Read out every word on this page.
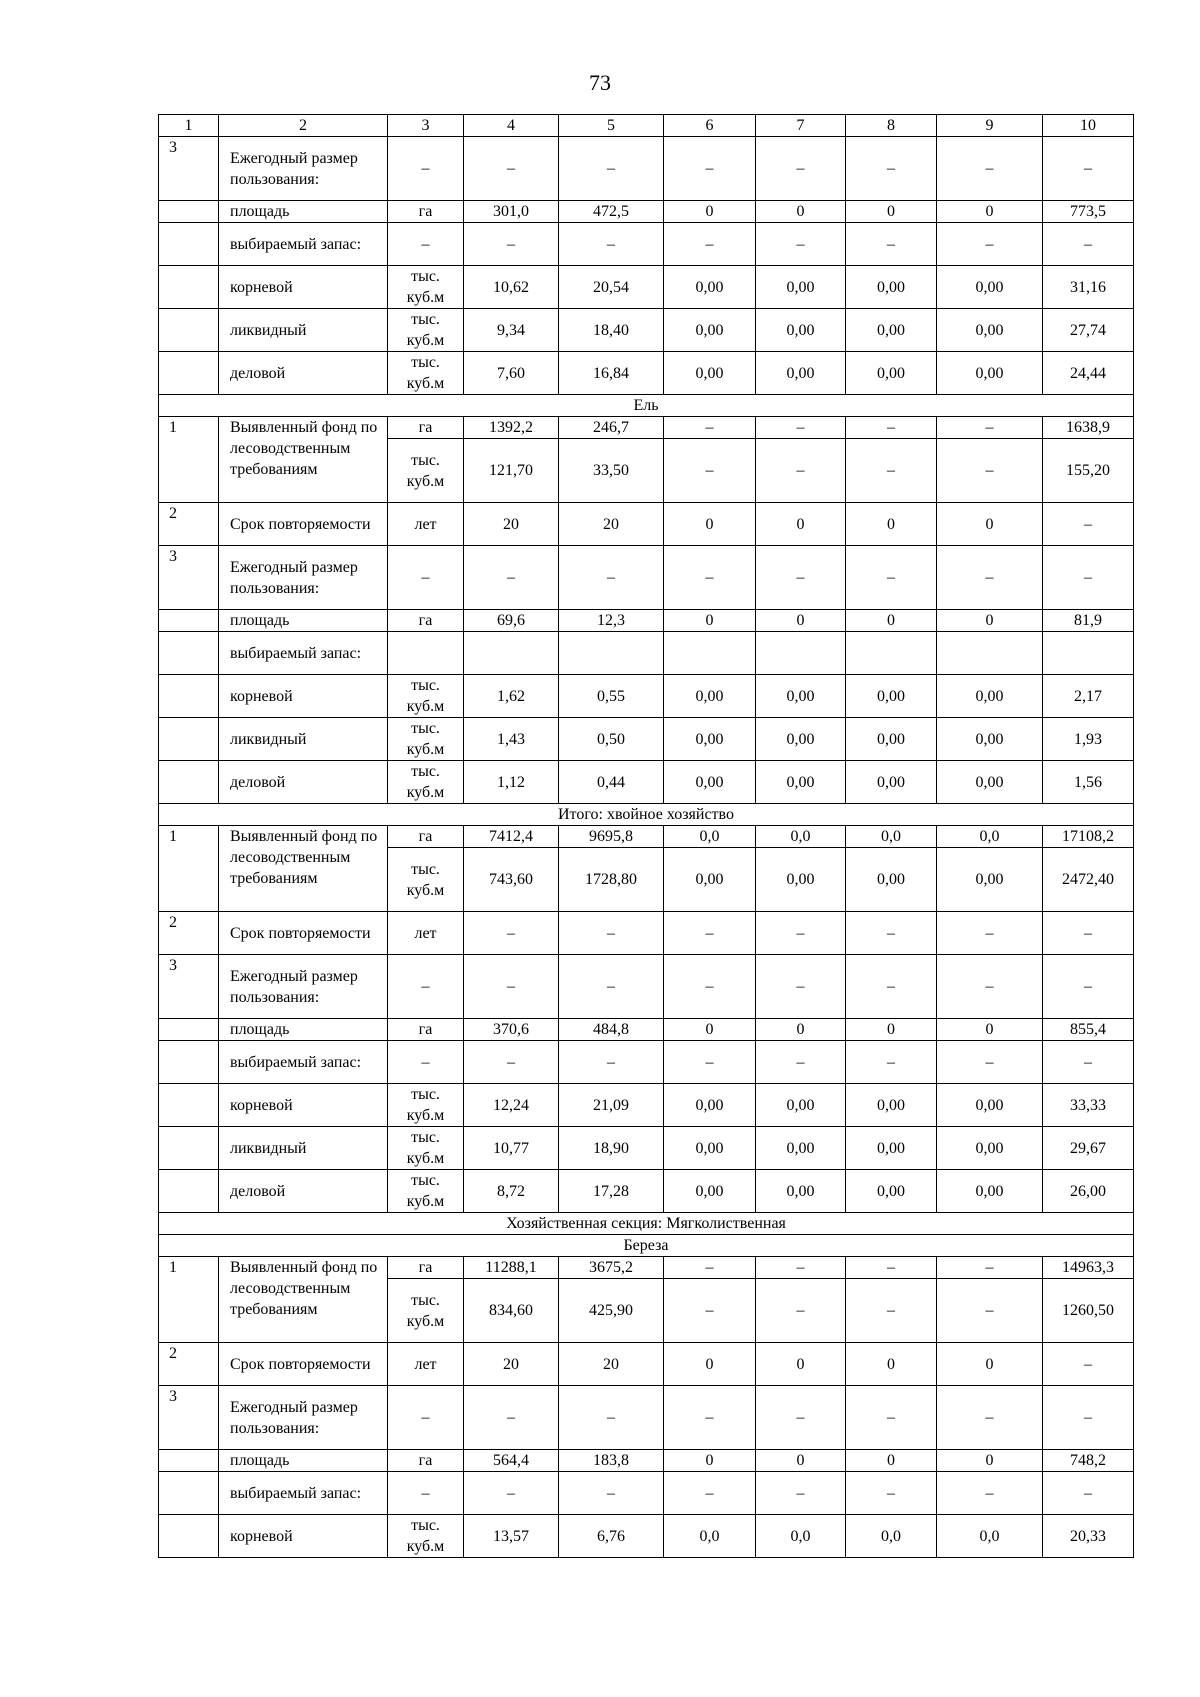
73
1	2	3	4	5	6	7	8	9	10
3	Ежегодный размер пользования:	–	–	–	–	–	–	–	–
	площадь	га	301,0	472,5	0	0	0	0	773,5
	выбираемый запас:	–	–	–	–	–	–	–	–
	корневой	тыс. куб.м	10,62	20,54	0,00	0,00	0,00	0,00	31,16
	ликвидный	тыс. куб.м	9,34	18,40	0,00	0,00	0,00	0,00	27,74
	деловой	тыс. куб.м	7,60	16,84	0,00	0,00	0,00	0,00	24,44
Ель									
1	Выявленный фонд по лесоводственным требованиям	га	1392,2	246,7	–	–	–	–	1638,9
		тыс. куб.м	121,70	33,50	–	–	–	–	155,20
2	Срок повторяемости	лет	20	20	0	0	0	0	–
3	Ежегодный размер пользования:	–	–	–	–	–	–	–	–
	площадь	га	69,6	12,3	0	0	0	0	81,9
	выбираемый запас:								
	корневой	тыс. куб.м	1,62	0,55	0,00	0,00	0,00	0,00	2,17
	ликвидный	тыс. куб.м	1,43	0,50	0,00	0,00	0,00	0,00	1,93
	деловой	тыс. куб.м	1,12	0,44	0,00	0,00	0,00	0,00	1,56
Итого: хвойное хозяйство									
1	Выявленный фонд по лесоводственным требованиям	га	7412,4	9695,8	0,0	0,0	0,0	0,0	17108,2
		тыс. куб.м	743,60	1728,80	0,00	0,00	0,00	0,00	2472,40
2	Срок повторяемости	лет	–	–	–	–	–	–	–
3	Ежегодный размер пользования:	–	–	–	–	–	–	–	–
	площадь	га	370,6	484,8	0	0	0	0	855,4
	выбираемый запас:	–	–	–	–	–	–	–	–
	корневой	тыс. куб.м	12,24	21,09	0,00	0,00	0,00	0,00	33,33
	ликвидный	тыс. куб.м	10,77	18,90	0,00	0,00	0,00	0,00	29,67
	деловой	тыс. куб.м	8,72	17,28	0,00	0,00	0,00	0,00	26,00
Хозяйственная секция: Мягколиственная									
Береза									
1	Выявленный фонд по лесоводственным требованиям	га	11288,1	3675,2	–	–	–	–	14963,3
		тыс. куб.м	834,60	425,90	–	–	–	–	1260,50
2	Срок повторяемости	лет	20	20	0	0	0	0	–
3	Ежегодный размер пользования:	–	–	–	–	–	–	–	–
	площадь	га	564,4	183,8	0	0	0	0	748,2
	выбираемый запас:	–	–	–	–	–	–	–	–
	корневой	тыс. куб.м	13,57	6,76	0,0	0,0	0,0	0,0	20,33
